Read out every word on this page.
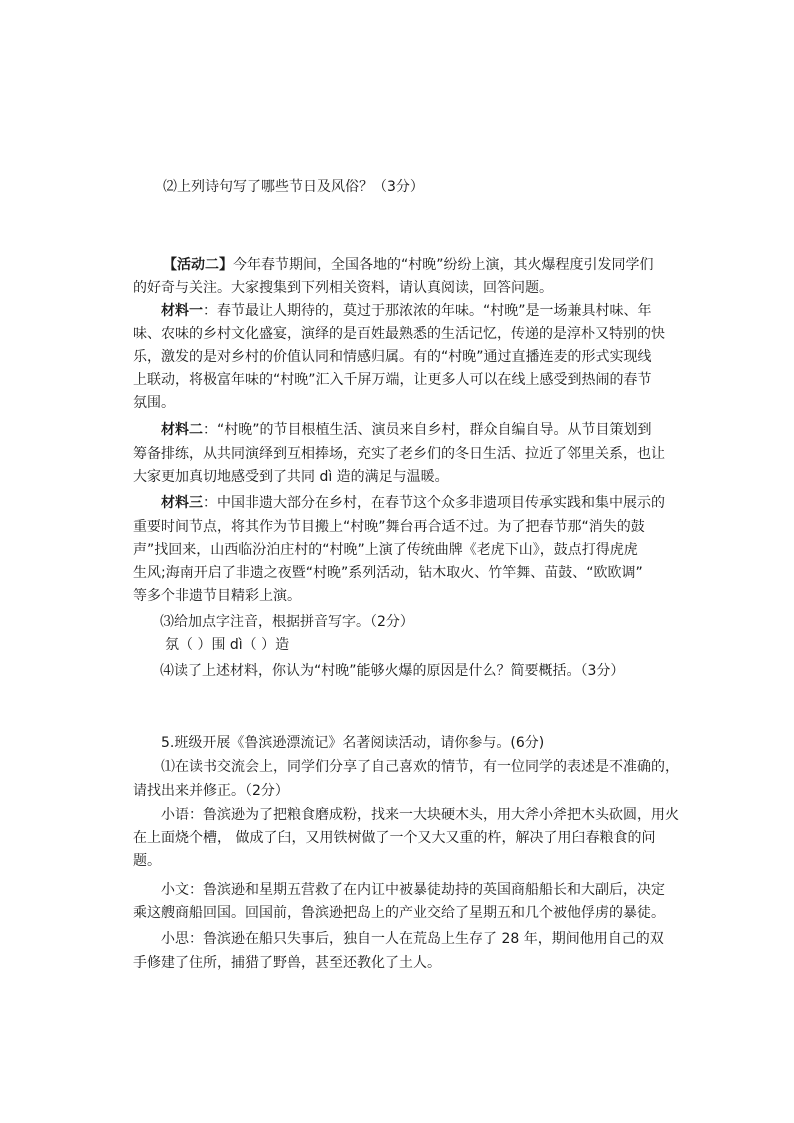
⑵上列诗句写了哪些节日及风俗？（3分）
【活动二】今年春节期间，全国各地的“村晚”纷纷上演，其火爆程度引发同学们
的好奇与关注。大家搜集到下列相关资料，请认真阅读，回答问题。
材料一：春节最让人期待的，莫过于那浓浓的年味。“村晚”是一场兼具村味、年
味、农味的乡村文化盛宴，演绎的是百姓最熟悉的生活记忆，传递的是淳朴又特别的快
乐，激发的是对乡村的价值认同和情感归属。有的“村晚”通过直播连麦的形式实现线
上联动，将极富年味的“村晚”汇入千屏万端，让更多人可以在线上感受到热闹的春节
氛围。
材料二：“村晚”的节目根植生活、演员来自乡村，群众自编自导。从节目策划到
筹备排练，从共同演绎到互相捧场，充实了老乡们的冬日生活、拉近了邻里关系，也让
大家更加真切地感受到了共同 dì 造的满足与温暖。
材料三：中国非遗大部分在乡村，在春节这个众多非遗项目传承实践和集中展示的
重要时间节点，将其作为节目搬上“村晚”舞台再合适不过。为了把春节那“消失的鼓
声”找回来，山西临汾泊庄村的“村晚”上演了传统曲牌《老虎下山》，鼓点打得虎虎
生风;海南开启了非遗之夜暨“村晚”系列活动，钻木取火、竹竿舞、苗鼓、“欧欧调”
等多个非遗节目精彩上演。
⑶给加点字注音，根据拼音写字。（2分）
氛（ ）围 dì（ ）造
⑷读了上述材料，你认为“村晚”能够火爆的原因是什么？简要概括。（3分）
5.班级开展《鲁滨逊漂流记》名著阅读活动，请你参与。(6分)
⑴在读书交流会上，同学们分享了自己喜欢的情节，有一位同学的表述是不准确的，
请找出来并修正。（2分）
小语：鲁滨逊为了把粮食磨成粉，找来一大块硬木头，用大斧小斧把木头砍圆，用火
在上面烧个槽， 做成了臼，又用铁树做了一个又大又重的杵，解决了用臼春粮食的问
题。
小文：鲁滨逊和星期五营救了在内讧中被暴徒劫持的英国商船船长和大副后，决定
乘这艘商船回国。回国前，鲁滨逊把岛上的产业交给了星期五和几个被他俘虏的暴徒。
小思：鲁滨逊在船只失事后，独自一人在荒岛上生存了 28 年，期间他用自己的双
手修建了住所，捕猎了野兽，甚至还教化了土人。
